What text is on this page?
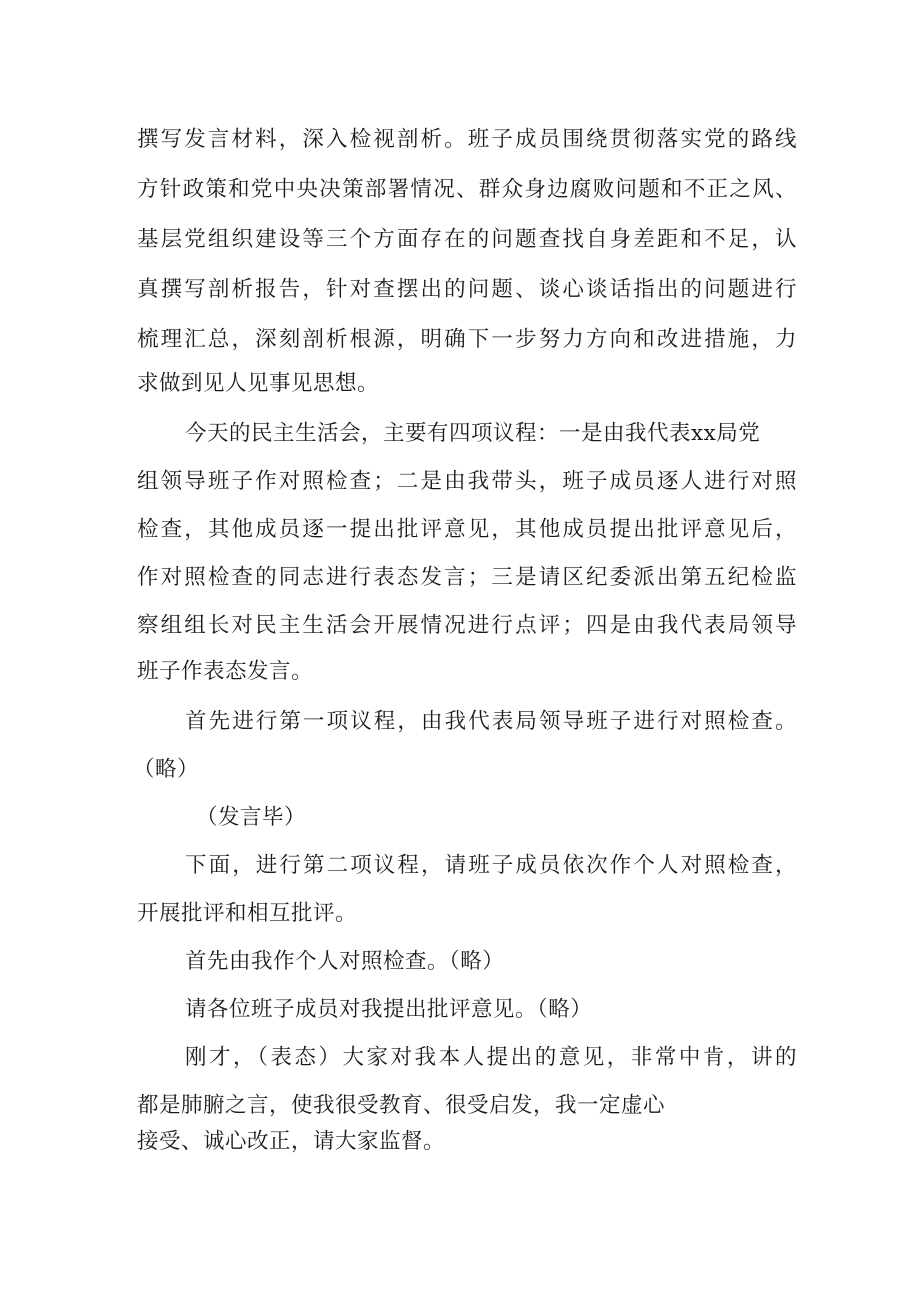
撰写发言材料，深入检视剖析。班子成员围绕贯彻落实党的路线
方针政策和党中央决策部署情况、群众身边腐败问题和不正之风、
基层党组织建设等三个方面存在的问题查找自身差距和不足，认
真撰写剖析报告，针对查摆出的问题、谈心谈话指出的问题进行
梳理汇总，深刻剖析根源，明确下一步努力方向和改进措施，力
求做到见人见事见思想。
今天的民主生活会，主要有四项议程：一是由我代表xx局党
组领导班子作对照检查；二是由我带头，班子成员逐人进行对照
检查，其他成员逐一提出批评意见，其他成员提出批评意见后，
作对照检查的同志进行表态发言；三是请区纪委派出第五纪检监
察组组长对民主生活会开展情况进行点评；四是由我代表局领导
班子作表态发言。
首先进行第一项议程，由我代表局领导班子进行对照检查。
（略）
（发言毕）
下面，进行第二项议程，请班子成员依次作个人对照检查，
开展批评和相互批评。
首先由我作个人对照检查。（略）
请各位班子成员对我提出批评意见。（略）
刚才，（表态）大家对我本人提出的意见，非常中肯，讲的
都是肺腑之言，使我很受教育、很受启发，我一定虚心
接受、诚心改正，请大家监督。
